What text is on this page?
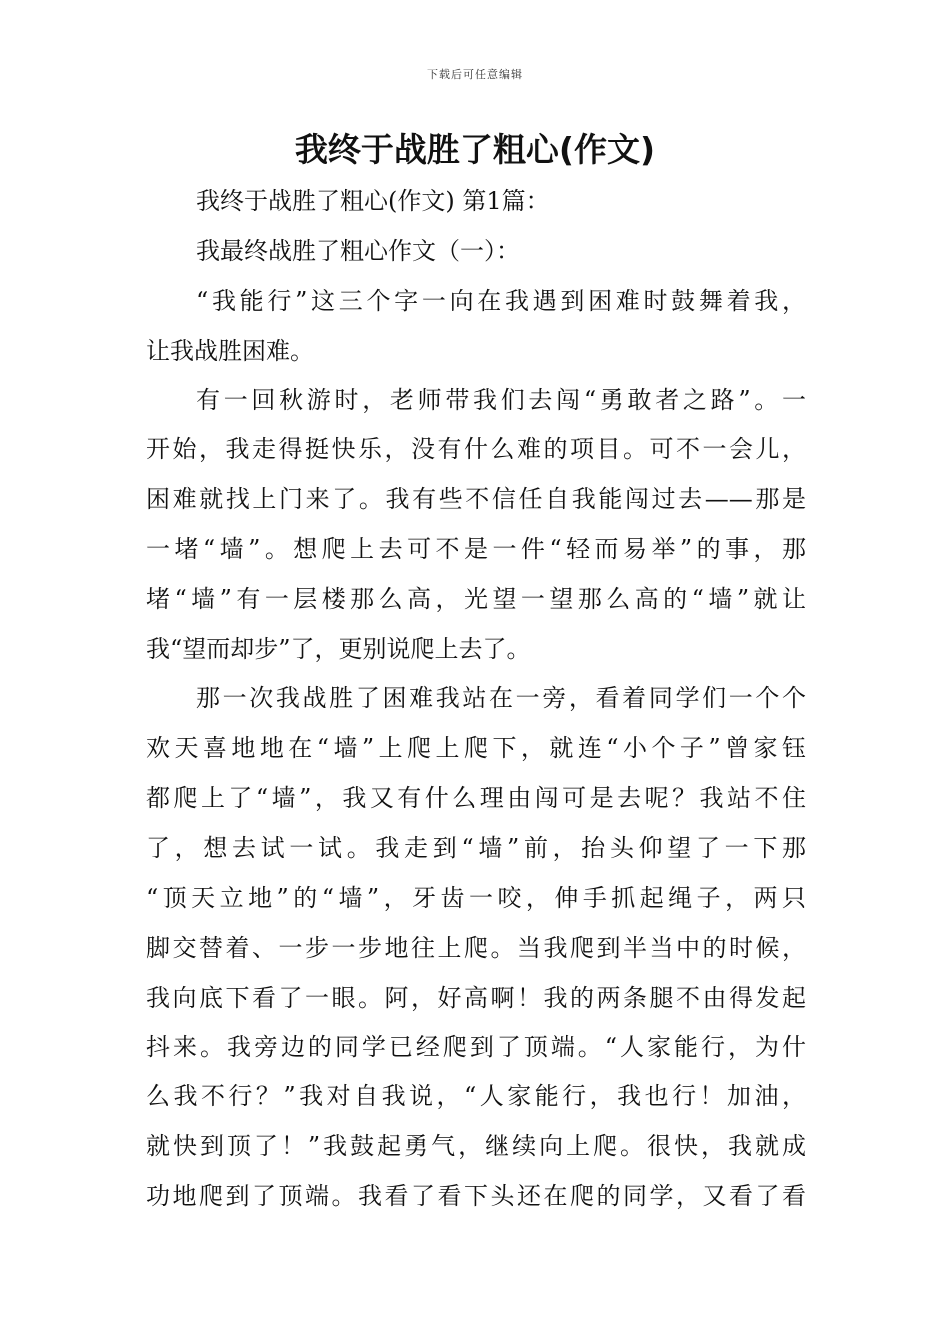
下载后可任意编辑
我终于战胜了粗心(作文)
我终于战胜了粗心(作文) 第1篇：
我最终战胜了粗心作文（一）：
“我能行”这三个字一向在我遇到困难时鼓舞着我，
让我战胜困难。
有一回秋游时，老师带我们去闯“勇敢者之路”。一
开始，我走得挺快乐，没有什么难的项目。可不一会儿，
困难就找上门来了。我有些不信任自我能闯过去——那是
一堵“墙”。想爬上去可不是一件“轻而易举”的事，那
堵“墙”有一层楼那么高，光望一望那么高的“墙”就让
我“望而却步”了，更别说爬上去了。
那一次我战胜了困难我站在一旁，看着同学们一个个
欢天喜地地在“墙”上爬上爬下，就连“小个子”曾家钰
都爬上了“墙”，我又有什么理由闯可是去呢？我站不住
了，想去试一试。我走到“墙”前，抬头仰望了一下那
“顶天立地”的“墙”，牙齿一咬，伸手抓起绳子，两只
脚交替着、一步一步地往上爬。当我爬到半当中的时候，
我向底下看了一眼。阿，好高啊！我的两条腿不由得发起
抖来。我旁边的同学已经爬到了顶端。“人家能行，为什
么我不行？”我对自我说，“人家能行，我也行！加油，
就快到顶了！”我鼓起勇气，继续向上爬。很快，我就成
功地爬到了顶端。我看了看下头还在爬的同学，又看了看
